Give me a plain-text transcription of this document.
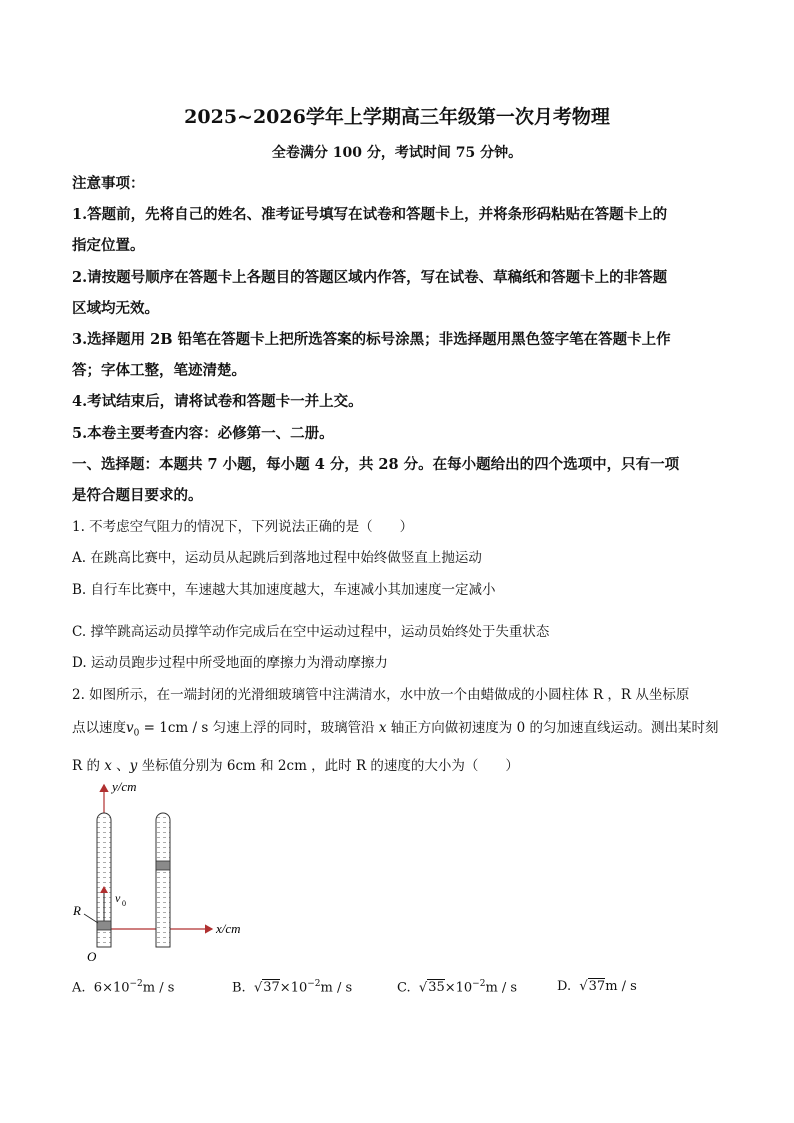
2025~2026学年上学期高三年级第一次月考物理
全卷满分 100 分，考试时间 75 分钟。
注意事项：
1.答题前，先将自己的姓名、准考证号填写在试卷和答题卡上，并将条形码粘贴在答题卡上的
指定位置。
2.请按题号顺序在答题卡上各题目的答题区域内作答，写在试卷、草稿纸和答题卡上的非答题
区域均无效。
3.选择题用 2B 铅笔在答题卡上把所选答案的标号涂黑；非选择题用黑色签字笔在答题卡上作
答；字体工整，笔迹清楚。
4.考试结束后，请将试卷和答题卡一并上交。
5.本卷主要考查内容：必修第一、二册。
一、选择题：本题共 7 小题，每小题 4 分，共 28 分。在每小题给出的四个选项中，只有一项
是符合题目要求的。
1. 不考虑空气阻力的情况下，下列说法正确的是（　　）
A. 在跳高比赛中，运动员从起跳后到落地过程中始终做竖直上抛运动
B. 自行车比赛中，车速越大其加速度越大，车速减小其加速度一定减小
C. 撑竿跳高运动员撑竿动作完成后在空中运动过程中，运动员始终处于失重状态
D. 运动员跑步过程中所受地面的摩擦力为滑动摩擦力
2. 如图所示，在一端封闭的光滑细玻璃管中注满清水，水中放一个由蜡做成的小圆柱体 R ，R 从坐标原
点以速度$v_0 = 1cm / s$ 匀速上浮的同时，玻璃管沿 x 轴正方向做初速度为 0 的匀加速直线运动。测出某时刻
R 的 x 、y 坐标值分别为 6cm 和 2cm ，此时 R 的速度的大小为（　　）
y/cm
x/cm
O
R
v 0
A. $6\times 10^{-2}m / s$	B.  $√37\times 10^{-2}m / s$	C.  $√35\times 10^{-2}m / s$	D.  √37m / s
